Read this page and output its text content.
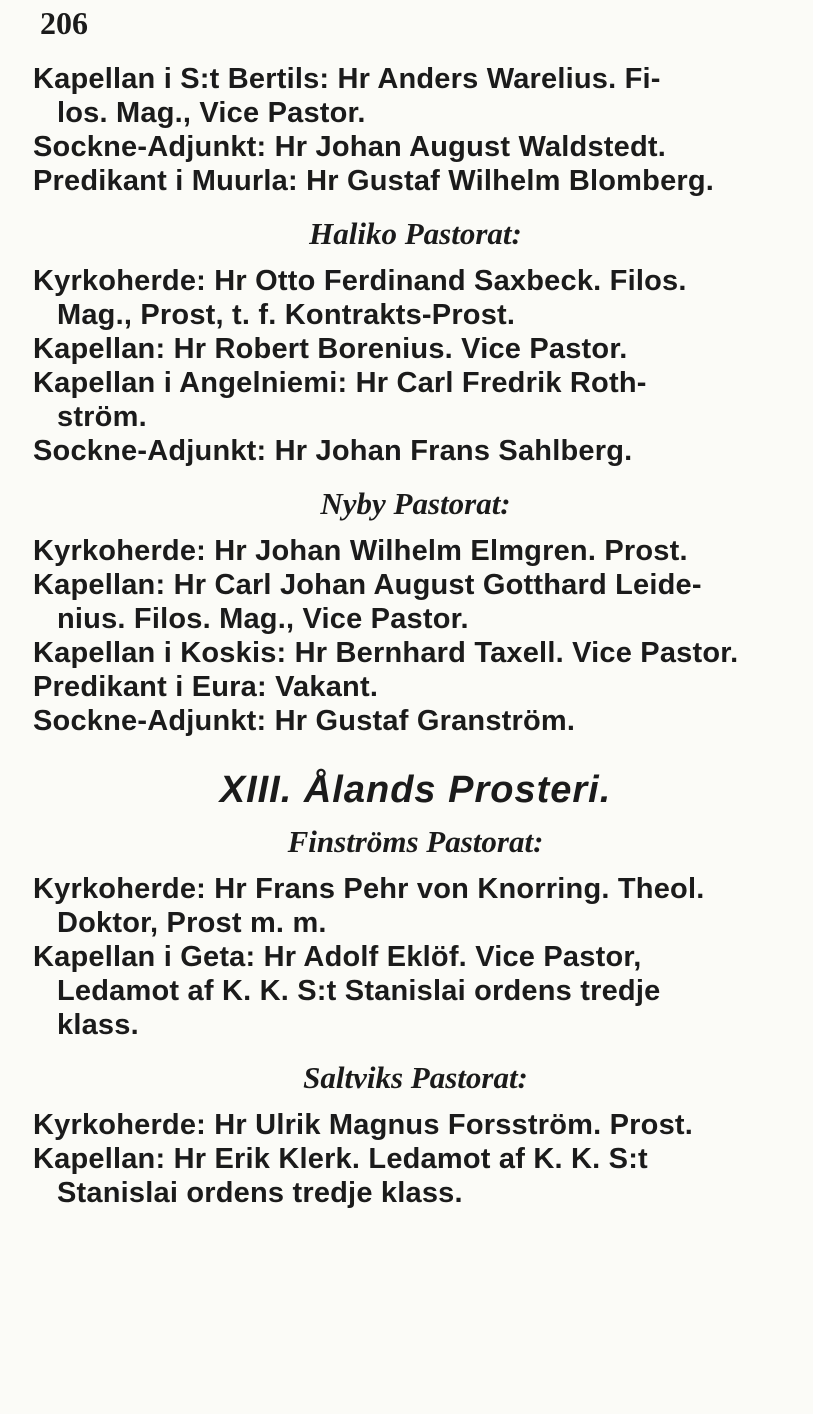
206
Kapellan i S:t Bertils: Hr Anders Warelius. Fi-
los. Mag., Vice Pastor.
Sockne-Adjunkt: Hr Johan August Waldstedt.
Predikant i Muurla: Hr Gustaf Wilhelm Blomberg.
Haliko Pastorat:
Kyrkoherde: Hr Otto Ferdinand Saxbeck. Filos.
Mag., Prost, t. f. Kontrakts-Prost.
Kapellan: Hr Robert Borenius. Vice Pastor.
Kapellan i Angelniemi: Hr Carl Fredrik Roth-
ström.
Sockne-Adjunkt: Hr Johan Frans Sahlberg.
Nyby Pastorat:
Kyrkoherde: Hr Johan Wilhelm Elmgren. Prost.
Kapellan: Hr Carl Johan August Gotthard Leide-
nius. Filos. Mag., Vice Pastor.
Kapellan i Koskis: Hr Bernhard Taxell. Vice Pastor.
Predikant i Eura: Vakant.
Sockne-Adjunkt: Hr Gustaf Granström.
XIII. Ålands Prosteri.
Finströms Pastorat:
Kyrkoherde: Hr Frans Pehr von Knorring. Theol.
Doktor, Prost m. m.
Kapellan i Geta: Hr Adolf Eklöf. Vice Pastor,
Ledamot af K. K. S:t Stanislai ordens tredje
klass.
Saltviks Pastorat:
Kyrkoherde: Hr Ulrik Magnus Forsström. Prost.
Kapellan: Hr Erik Klerk. Ledamot af K. K. S:t
Stanislai ordens tredje klass.
